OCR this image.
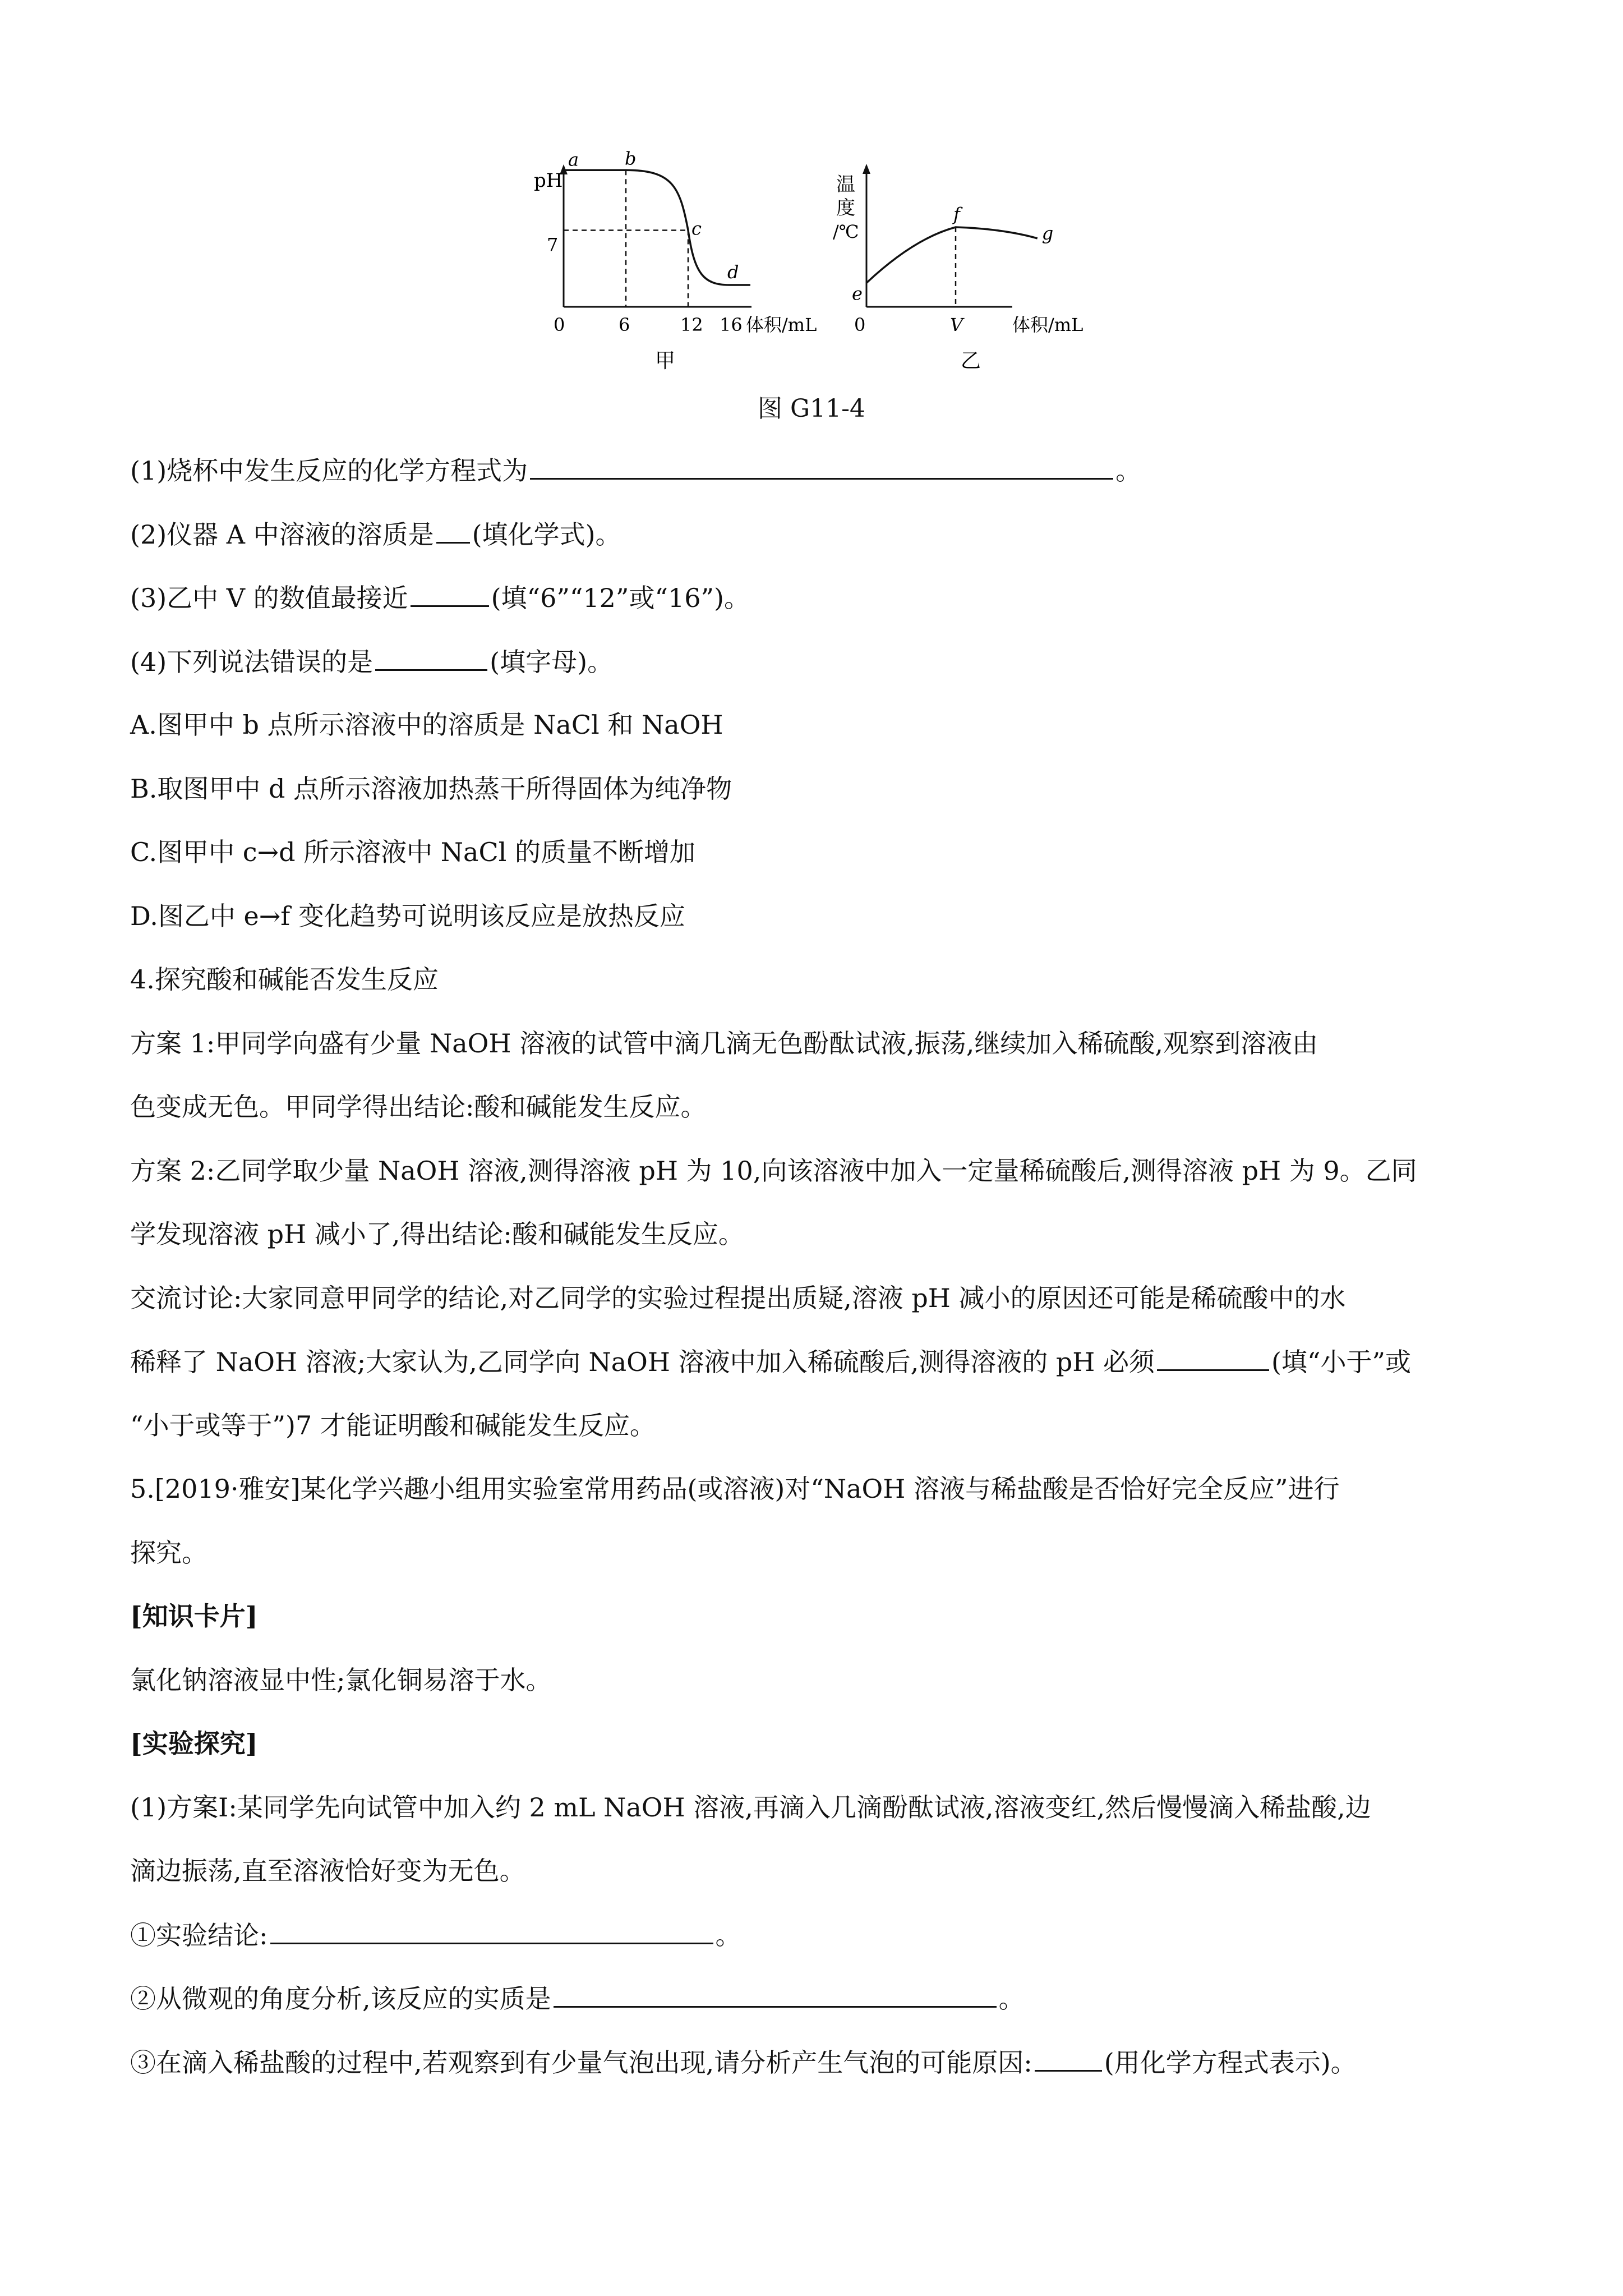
pH
7
0	6	12 16 体积/mL
a	b
c
d
甲
温
度
/℃
0	V	体积/mL
e
f
g
乙
图 G11-4
(1)烧杯中发生反应的化学方程式为	。
(2)仪器 A 中溶液的溶质是 (填化学式)。
(3)乙中 V 的数值最接近	(填“6”“12”或“16”)。
(4)下列说法错误的是	(填字母)。
A.图甲中 b 点所示溶液中的溶质是 NaCl 和 NaOH
B.取图甲中 d 点所示溶液加热蒸干所得固体为纯净物
C.图甲中 c→d 所示溶液中 NaCl 的质量不断增加
D.图乙中 e→f 变化趋势可说明该反应是放热反应
4.探究酸和碱能否发生反应
方案 1:甲同学向盛有少量 NaOH 溶液的试管中滴几滴无色酚酞试液,振荡,继续加入稀硫酸,观察到溶液由
色变成无色。甲同学得出结论:酸和碱能发生反应。
方案 2:乙同学取少量 NaOH 溶液,测得溶液 pH 为 10,向该溶液中加入一定量稀硫酸后,测得溶液 pH 为 9。乙同
学发现溶液 pH 减小了,得出结论:酸和碱能发生反应。
交流讨论:大家同意甲同学的结论,对乙同学的实验过程提出质疑,溶液 pH 减小的原因还可能是稀硫酸中的水
稀释了 NaOH 溶液;大家认为,乙同学向 NaOH 溶液中加入稀硫酸后,测得溶液的 pH 必须	(填“小于”或
“小于或等于”)7 才能证明酸和碱能发生反应。
5.[2019·雅安]某化学兴趣小组用实验室常用药品(或溶液)对“NaOH 溶液与稀盐酸是否恰好完全反应”进行
探究。
[知识卡片]
氯化钠溶液显中性;氯化铜易溶于水。
[实验探究]
(1)方案Ⅰ:某同学先向试管中加入约 2 mL NaOH 溶液,再滴入几滴酚酞试液,溶液变红,然后慢慢滴入稀盐酸,边
滴边振荡,直至溶液恰好变为无色。
①实验结论:	。
②从微观的角度分析,该反应的实质是	。
③在滴入稀盐酸的过程中,若观察到有少量气泡出现,请分析产生气泡的可能原因:	(用化学方程式表示)。
